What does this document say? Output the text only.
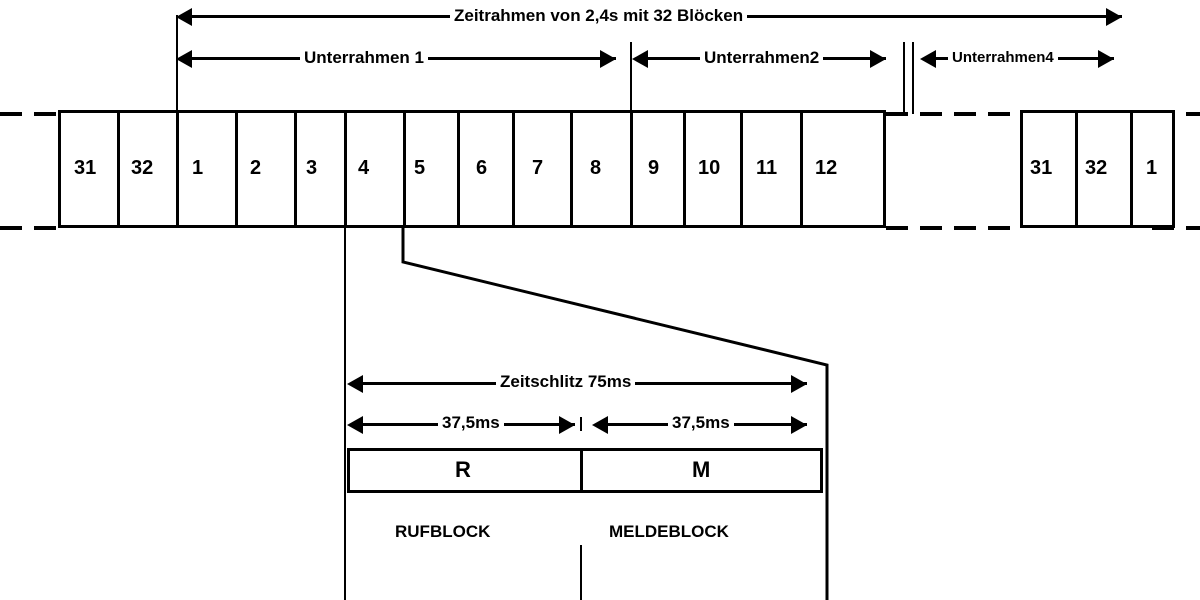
Zeitrahmen von 2,4s mit 32 Blöcken
Unterrahmen 1	Unterrahmen2	Unterrahmen4
31 32 1 2 3 4 5	6 7 8 9 10 11 12	31 32 1
Zeitschlitz 75ms
37,5ms	37,5ms
R	M
RUFBLOCK	MELDEBLOCK
